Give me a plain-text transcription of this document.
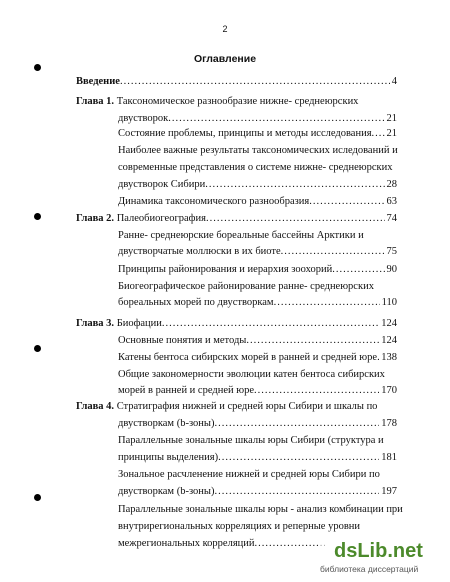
2
Оглавление
Введение .....	4
Глава 1. Таксономическое разнообразие нижне- среднеюрских
двустворок .....	21
Состояние проблемы, принципы и методы исследования ..... 21
Наиболее важные результаты таксономических иследований и
современные представления о системе нижне- среднеюрских
двустворок Сибири .....	28
Динамика таксономического разнообразия .....	63
Глава 2. Палеобиогеография .....	74
Ранне- среднеюрские бореальные бассейны Арктики и
двустворчатые моллюски в их биоте .....	75
Принципы районирования и иерархия зоохорий .....	90
Биогеографическое районирование ранне- среднеюрских
бореальных морей по двустворкам .....	110
Глава 3. Биофации .....	124
Основные понятия и методы .....	124
Катены бентоса сибирских морей в ранней и средней юре ..... 138
Общие закономерности эволюции катен бентоса сибирских
морей в ранней и средней юре .....	170
Глава 4. Стратиграфия нижней и средней юры Сибири и шкалы по
двустворкам (b-зоны) .....	178
Параллельные зональные шкалы юры Сибири (структура и
принципы выделения) .....	181
Зональное расчленение нижней и средней юры Сибири по
двустворкам (b-зоны) .....	197
Параллельные зональные шкалы юры - анализ комбинации при
внутрирегиональных корреляциях и реперные уровни
межрегиональных корреляций .....	dsLib.net
библиотека диссертаций
